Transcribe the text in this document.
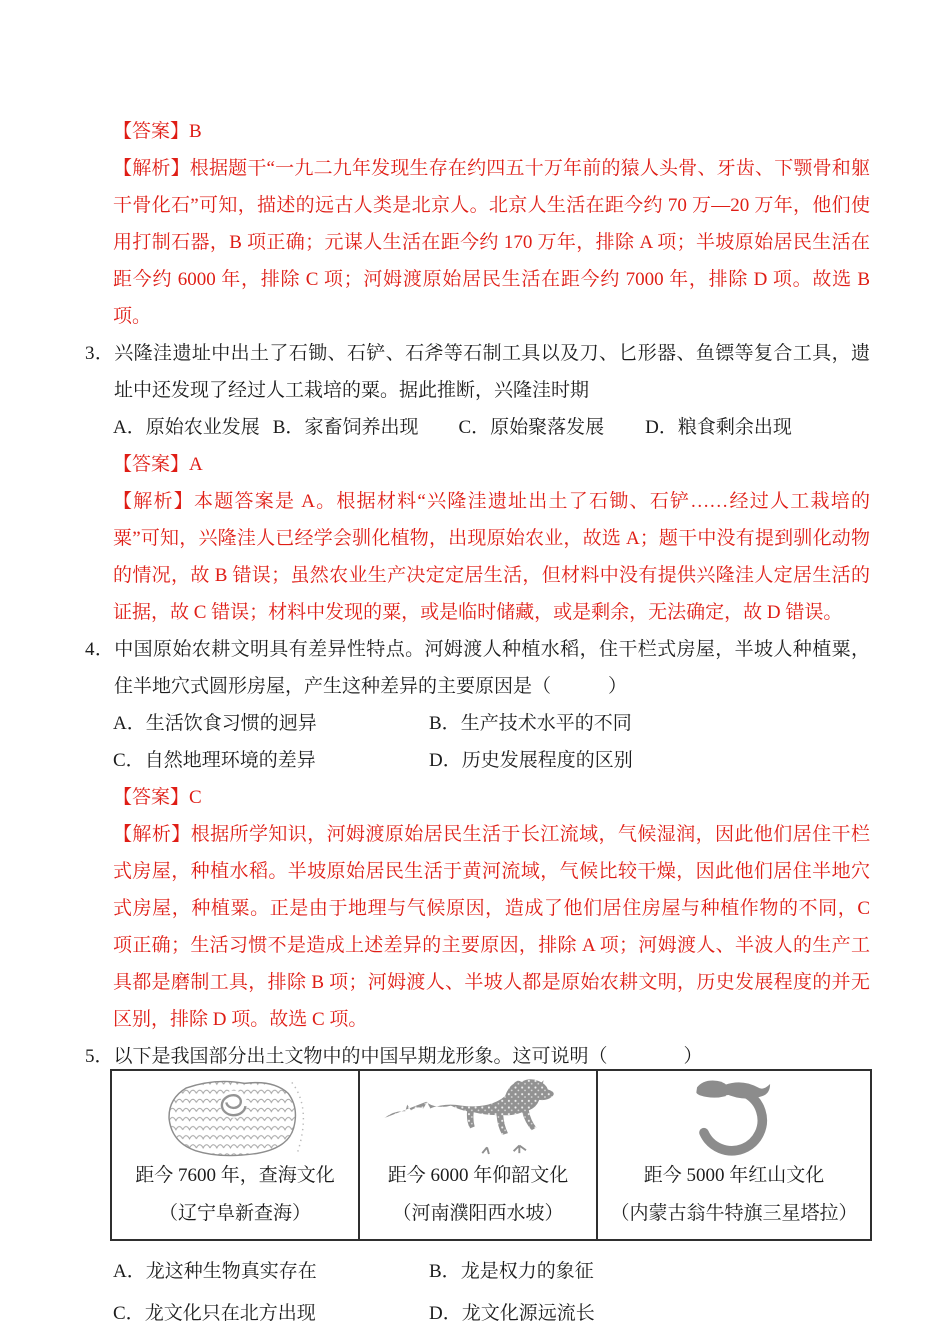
【答案】B

【解析】根据题干“一九二九年发现生存在约四五十万年前的猿人头骨、牙齿、下颚骨和躯干骨化石”可知，描述的远古人类是北京人。北京人生活在距今约 70 万—20 万年，他们使用打制石器，B 项正确；元谋人生活在距今约 170 万年，排除 A 项；半坡原始居民生活在距今约 6000 年，排除 C 项；河姆渡原始居民生活在距今约 7000 年，排除 D 项。故选 B 项。

3．兴隆洼遗址中出土了石锄、石铲、石斧等石制工具以及刀、匕形器、鱼镖等复合工具，遗址中还发现了经过人工栽培的粟。据此推断，兴隆洼时期

A．原始农业发展 B．家畜饲养出现 C．原始聚落发展 D．粮食剩余出现

【答案】A

【解析】本题答案是 A。根据材料“兴隆洼遗址出土了石锄、石铲……经过人工栽培的粟”可知，兴隆洼人已经学会驯化植物，出现原始农业，故选 A；题干中没有提到驯化动物的情况，故 B 错误；虽然农业生产决定定居生活，但材料中没有提供兴隆洼人定居生活的证据，故 C 错误；材料中发现的粟，或是临时储藏，或是剩余，无法确定，故 D 错误。

4．中国原始农耕文明具有差异性特点。河姆渡人种植水稻，住干栏式房屋，半坡人种植粟，住半地穴式圆形房屋，产生这种差异的主要原因是（　　　）

A．生活饮食习惯的迥异	B．生产技术水平的不同
C．自然地理环境的差异	D．历史发展程度的区别

【答案】C

【解析】根据所学知识，河姆渡原始居民生活于长江流域，气候湿润，因此他们居住干栏式房屋，种植水稻。半坡原始居民生活于黄河流域，气候比较干燥，因此他们居住半地穴式房屋，种植粟。正是由于地理与气候原因，造成了他们居住房屋与种植作物的不同，C 项正确；生活习惯不是造成上述差异的主要原因，排除 A 项；河姆渡人、半波人的生产工具都是磨制工具，排除 B 项；河姆渡人、半坡人都是原始农耕文明，历史发展程度的并无区别，排除 D 项。故选 C 项。

5．以下是我国部分出土文物中的中国早期龙形象。这可说明（　　　　）

距今 7600 年，查海文化
（辽宁阜新查海）
距今 6000 年仰韶文化
（河南濮阳西水坡）
距今 5000 年红山文化
（内蒙古翁牛特旗三星塔拉）
A．龙这种生物真实存在	B．龙是权力的象征
C．龙文化只在北方出现	D．龙文化源远流长
